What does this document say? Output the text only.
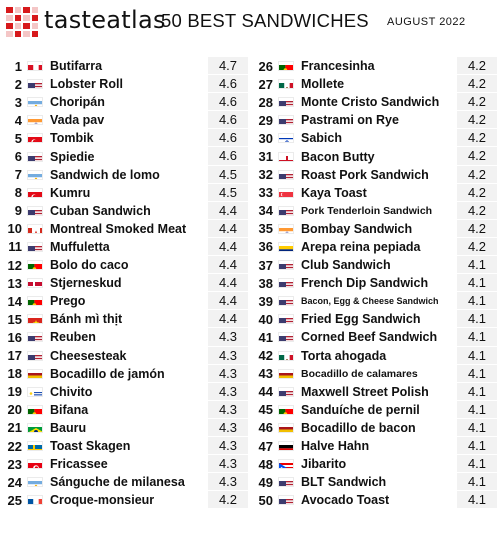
tasteatlas
50 BEST SANDWICHES AUGUST 2022
1 Butifarra	4.7
2 Lobster Roll	4.6
3 Choripán	4.6
4 Vada pav	4.6
5 Tombik	4.6
6 Spiedie	4.6
7 Sandwich de lomo	4.5
8 Kumru	4.5
9 Cuban Sandwich	4.4
10 Montreal Smoked Meat	4.4
11 Muffuletta	4.4
12 Bolo do caco	4.4
13 Stjerneskud	4.4
14 Prego	4.4
15 Bánh mì thịt	4.4
16 Reuben	4.3
17 Cheesesteak	4.3
18 Bocadillo de jamón	4.3
19 Chivito	4.3
20 Bifana	4.3
21 Bauru	4.3
22 Toast Skagen	4.3
23 Fricassee	4.3
24 Sánguche de milanesa	4.3
25 Croque-monsieur	4.2
26 Francesinha	4.2
27 Mollete	4.2
28 Monte Cristo Sandwich	4.2
29 Pastrami on Rye	4.2
30 Sabich	4.2
31 Bacon Butty	4.2
32 Roast Pork Sandwich	4.2
33 Kaya Toast	4.2
34	Pork Tenderloin Sandwich	4.2
35 Bombay Sandwich	4.2
36 Arepa reina pepiada	4.2
37 Club Sandwich	4.1
38 French Dip Sandwich	4.1
39	Bacon, Egg & Cheese Sandwich	4.1
40 Fried Egg Sandwich	4.1
41 Corned Beef Sandwich	4.1
42 Torta ahogada	4.1
43	Bocadillo de calamares	4.1
44 Maxwell Street Polish	4.1
45 Sanduíche de pernil	4.1
46 Bocadillo de bacon	4.1
47 Halve Hahn	4.1
48 Jibarito	4.1
49 BLT Sandwich	4.1
50 Avocado Toast	4.1
